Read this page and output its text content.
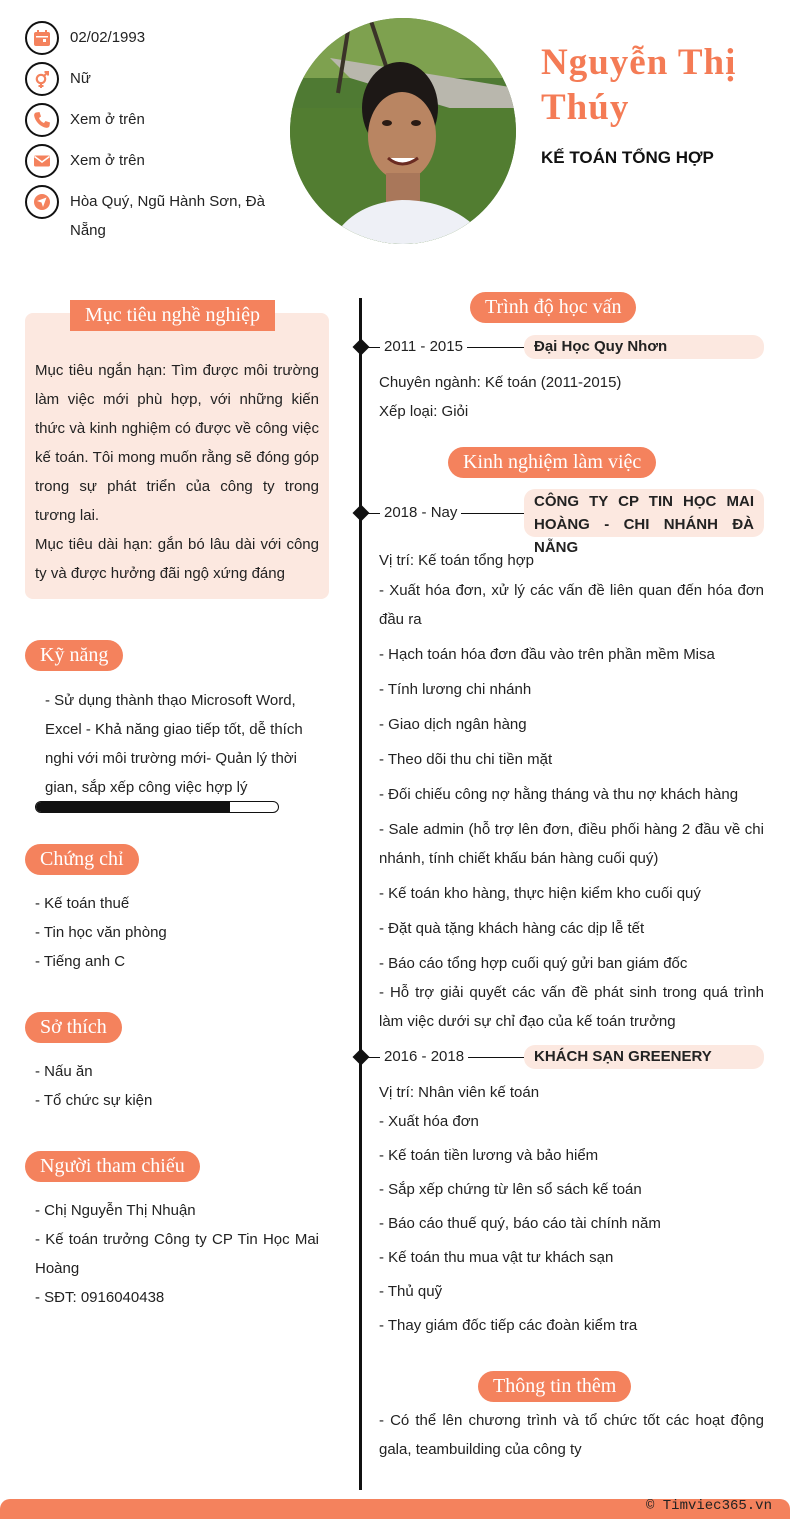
02/02/1993
Nữ
Xem ở trên
Xem ở trên
Hòa Quý, Ngũ Hành Sơn, Đà Nẵng
Nguyễn Thị Thúy
KẾ TOÁN TỔNG HỢP
Mục tiêu nghề nghiệp
Mục tiêu ngắn hạn: Tìm được môi trường làm việc mới phù hợp, với những kiến thức và kinh nghiệm có được về công việc kế toán. Tôi mong muốn rằng sẽ đóng góp trong sự phát triển của công ty trong tương lai.
Mục tiêu dài hạn: gắn bó lâu dài với công ty và được hưởng đãi ngộ xứng đáng
Kỹ năng
- Sử dụng thành thạo Microsoft Word, Excel - Khả năng giao tiếp tốt, dễ thích nghi với môi trường mới- Quản lý thời gian, sắp xếp công việc hợp lý
Chứng chỉ
- Kế toán thuế
- Tin học văn phòng
- Tiếng anh C
Sở thích
- Nấu ăn
- Tổ chức sự kiện
Người tham chiếu
- Chị Nguyễn Thị Nhuận
- Kế toán trưởng Công ty CP Tin Học Mai Hoàng
- SĐT: 0916040438
Trình độ học vấn
2011 - 2015	Đại Học Quy Nhơn
Chuyên ngành: Kế toán (2011-2015)
Xếp loại: Giỏi
Kinh nghiệm làm việc
2018 - Nay
CÔNG TY CP TIN HỌC MAI HOÀNG - CHI NHÁNH ĐÀ NẴNG
Vị trí: Kế toán tổng hợp
- Xuất hóa đơn, xử lý các vấn đề liên quan đến hóa đơn đầu ra
- Hạch toán hóa đơn đầu vào trên phần mềm Misa
- Tính lương chi nhánh
- Giao dịch ngân hàng
- Theo dõi thu chi tiền mặt
- Đối chiếu công nợ hằng tháng và thu nợ khách hàng
- Sale admin (hỗ trợ lên đơn, điều phối hàng 2 đầu về chi nhánh, tính chiết khấu bán hàng cuối quý)
- Kế toán kho hàng, thực hiện kiểm kho cuối quý
- Đặt quà tặng khách hàng các dịp lễ tết
- Báo cáo tổng hợp cuối quý gửi ban giám đốc
- Hỗ trợ giải quyết các vấn đề phát sinh trong quá trình làm việc dưới sự chỉ đạo của kế toán trưởng
2016 - 2018	KHÁCH SẠN GREENERY
Vị trí: Nhân viên kế toán
- Xuất hóa đơn
- Kế toán tiền lương và bảo hiểm
- Sắp xếp chứng từ lên sổ sách kế toán
- Báo cáo thuế quý, báo cáo tài chính năm
- Kế toán thu mua vật tư khách sạn
- Thủ quỹ
- Thay giám đốc tiếp các đoàn kiểm tra
Thông tin thêm
- Có thể lên chương trình và tổ chức tốt các hoạt động gala, teambuilding của công ty
© Timviec365.vn
